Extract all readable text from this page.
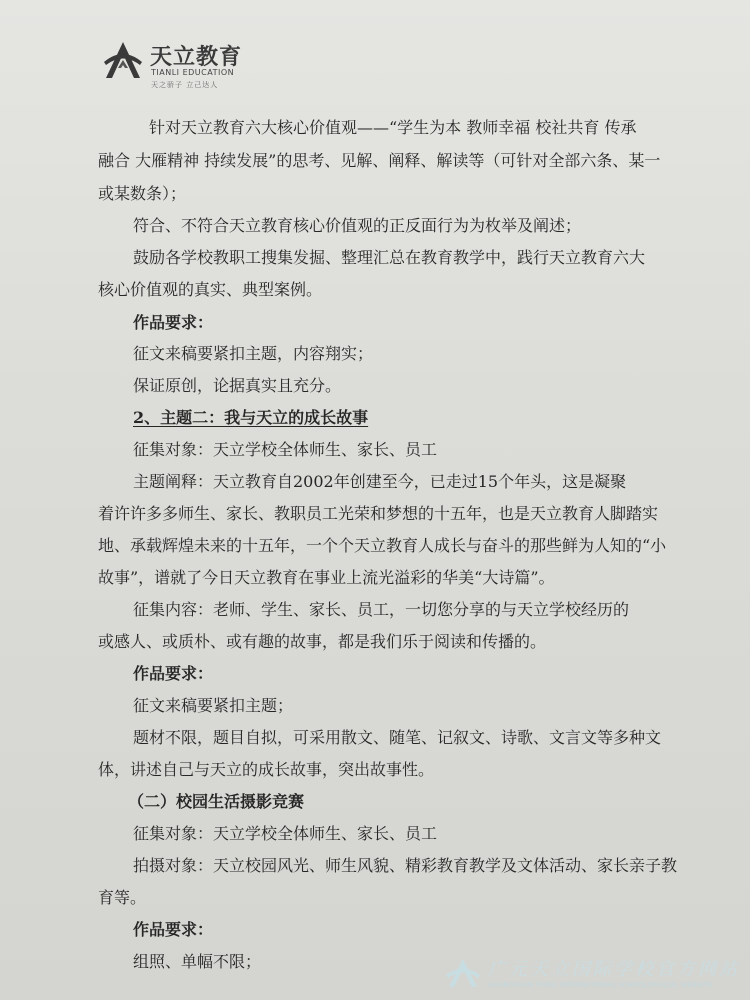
天立教育
TIANLI EDUCATION
天之骄子 立己达人
针对天立教育六大核心价值观——“学生为本 教师幸福 校社共育 传承
融合 大雁精神 持续发展”的思考、见解、阐释、解读等（可针对全部六条、某一
或某数条）；
符合、不符合天立教育核心价值观的正反面行为为枚举及阐述；
鼓励各学校教职工搜集发掘、整理汇总在教育教学中，践行天立教育六大
核心价值观的真实、典型案例。
作品要求：
征文来稿要紧扣主题，内容翔实；
保证原创，论据真实且充分。
2、主题二：我与天立的成长故事
征集对象：天立学校全体师生、家长、员工
主题阐释：天立教育自2002年创建至今，已走过15个年头，这是凝聚
着许许多多师生、家长、教职员工光荣和梦想的十五年，也是天立教育人脚踏实
地、承载辉煌未来的十五年，一个个天立教育人成长与奋斗的那些鲜为人知的“小
故事”，谱就了今日天立教育在事业上流光溢彩的华美“大诗篇”。
征集内容：老师、学生、家长、员工，一切您分享的与天立学校经历的
或感人、或质朴、或有趣的故事，都是我们乐于阅读和传播的。
作品要求：
征文来稿要紧扣主题；
题材不限，题目自拟，可采用散文、随笔、记叙文、诗歌、文言文等多种文
体，讲述自己与天立的成长故事，突出故事性。
（二）校园生活摄影竞赛
征集对象：天立学校全体师生、家长、员工
拍摄对象：天立校园风光、师生风貌、精彩教育教学及文体活动、家长亲子教
育等。
作品要求：
组照、单幅不限；	广元天立国际学校官方网站
GUANGYUAN TIANLI INTERNATIONAL SCHOOLOFFICIAL WEBSITE
